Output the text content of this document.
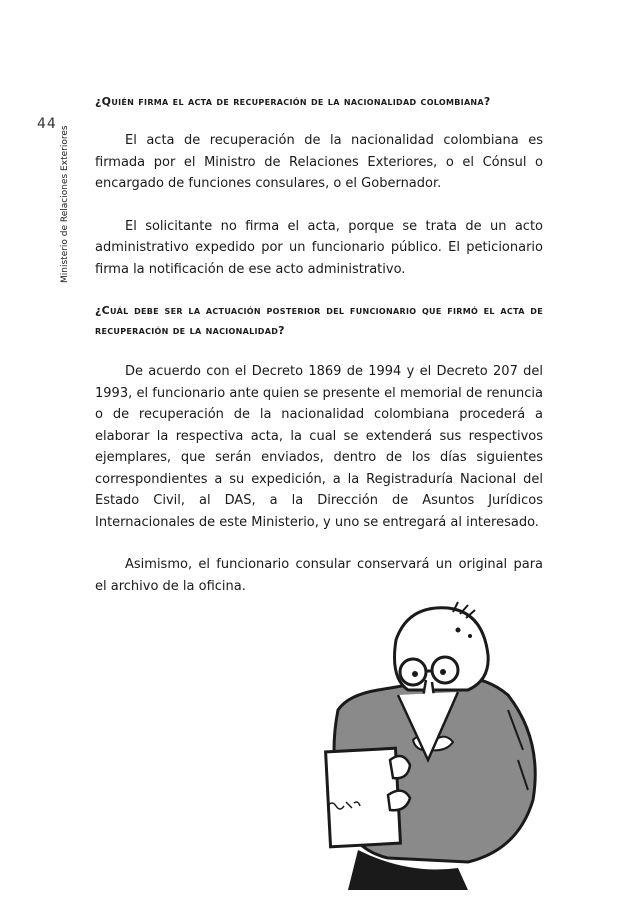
44
Ministerio de Relaciones Exteriores

¿Quién firma el acta de recuperación de la nacionalidad colombiana?

El acta de recuperación de la nacionalidad colombiana es firmada por el Ministro de Relaciones Exteriores, o el Cónsul o encargado de funciones consulares, o el Gobernador.

El solicitante no firma el acta, porque se trata de un acto administrativo expedido por un funcionario público. El peticionario firma la notificación de ese acto administrativo.

¿Cuál debe ser la actuación posterior del funcionario que firmó el acta de recuperación de la nacionalidad?

De acuerdo con el Decreto 1869 de 1994 y el Decreto 207 del 1993, el funcionario ante quien se presente el memorial de renuncia o de recuperación de la nacionalidad colombiana procederá a elaborar la respectiva acta, la cual se extenderá sus respectivos ejemplares, que serán enviados, dentro de los días siguientes correspondientes a su expedición, a la Registraduría Nacional del Estado Civil, al DAS, a la Dirección de Asuntos Jurídicos Internacionales de este Ministerio, y uno se entregará al interesado.

Asimismo, el funcionario consular conservará un original para el archivo de la oficina.
